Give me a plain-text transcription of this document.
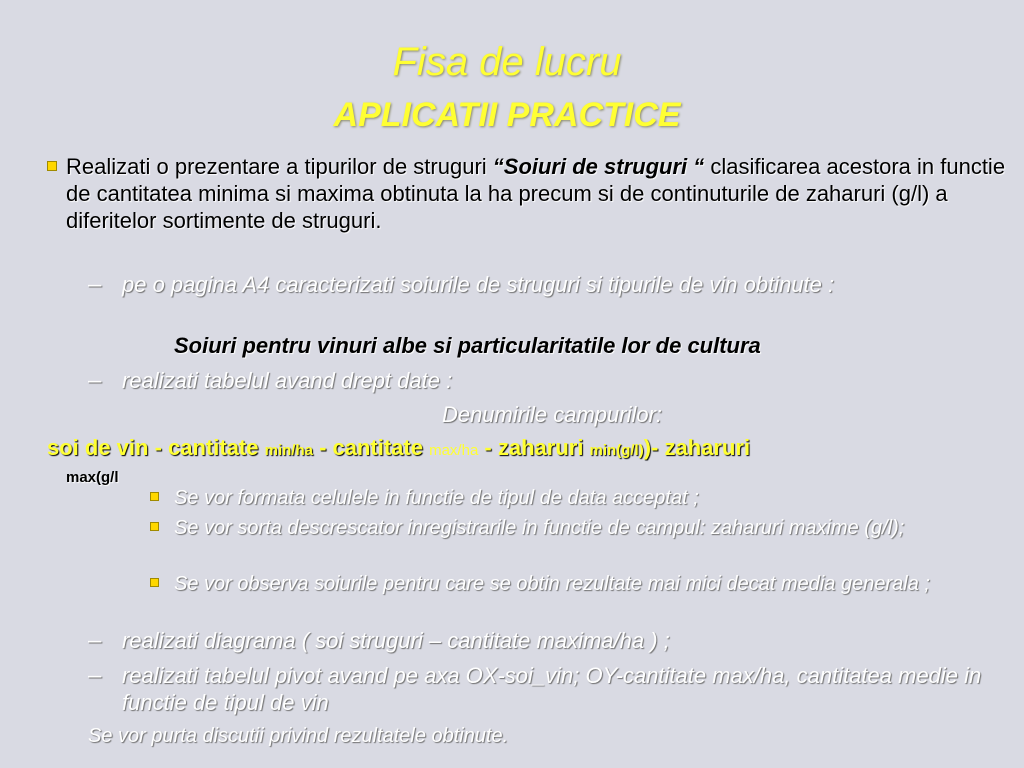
Fisa de lucru
APLICATII PRACTICE
Realizati o prezentare a tipurilor de struguri “Soiuri de struguri “ clasificarea acestora in functie de cantitatea minima si maxima obtinuta la ha precum si de continuturile de zaharuri (g/l) a diferitelor sortimente de struguri.
– pe o pagina A4 caracterizati soiurile de struguri si tipurile de vin obtinute :
Soiuri pentru vinuri albe si particularitatile lor de cultura
– realizati tabelul avand drept date :
Denumirile campurilor:
soi de vin - cantitate min/ha - cantitate max/ha - zaharuri min(g/l))- zaharuri
max(g/l
Se vor formata celulele in functie de tipul de data acceptat ;
Se vor sorta descrescator inregistrarile in functie de campul: zaharuri maxime (g/l);
Se vor observa soiurile pentru care se obtin rezultate mai mici decat media generala ;
– realizati diagrama ( soi struguri – cantitate maxima/ha ) ;
– realizati tabelul pivot avand pe axa OX-soi_vin; OY-cantitate max/ha, cantitatea medie in functie de tipul de vin
Se vor purta discutii privind rezultatele obtinute.
